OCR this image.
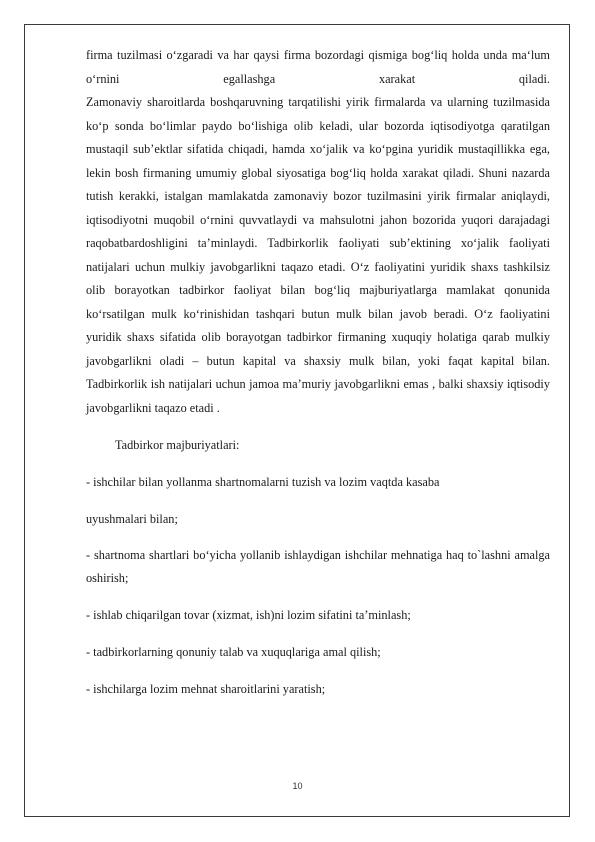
firma tuzilmasi o‘zgaradi va har qaysi firma bozordagi qismiga bog‘liq holda unda ma‘lum o‘rnini egallashga xarakat qiladi.

Zamonaviy sharoitlarda boshqaruvning tarqatilishi yirik firmalarda va ularning tuzilmasida ko‘p sonda bo‘limlar paydo bo‘lishiga olib keladi, ular bozorda iqtisodiyotga qaratilgan mustaqil sub’ektlar sifatida chiqadi, hamda xo‘jalik va ko‘pgina yuridik mustaqillikka ega, lekin bosh firmaning umumiy global siyosatiga bog‘liq holda xarakat qiladi. Shuni nazarda tutish kerakki, istalgan mamlakatda zamonaviy bozor tuzilmasini yirik firmalar aniqlaydi, iqtisodiyotni muqobil o‘rnini quvvatlaydi va mahsulotni jahon bozorida yuqori darajadagi raqobatbardoshligini ta’minlaydi. Tadbirkorlik faoliyati sub’ektining xo‘jalik faoliyati natijalari uchun mulkiy javobgarlikni taqazo etadi. O‘z faoliyatini yuridik shaxs tashkilsiz olib borayotkan tadbirkor faoliyat bilan bog‘liq majburiyatlarga mamlakat qonunida ko‘rsatilgan mulk ko‘rinishidan tashqari butun mulk bilan javob beradi. O‘z faoliyatini yuridik shaxs sifatida olib borayotgan tadbirkor firmaning xuquqiy holatiga qarab mulkiy javobgarlikni oladi – butun kapital va shaxsiy mulk bilan, yoki faqat kapital bilan. Tadbirkorlik ish natijalari uchun jamoa ma’muriy javobgarlikni emas , balki shaxsiy iqtisodiy javobgarlikni taqazo etadi .

Tadbirkor majburiyatlari:

- ishchilar bilan yollanma shartnomalarni tuzish va lozim vaqtda kasaba

uyushmalari bilan;

- shartnoma shartlari bo‘yicha yollanib ishlaydigan ishchilar mehnatiga haq to`lashni amalga oshirish;

- ishlab chiqarilgan tovar (xizmat, ish)ni lozim sifatini ta’minlash;

- tadbirkorlarning qonuniy talab va xuquqlariga amal qilish;

- ishchilarga lozim mehnat sharoitlarini yaratish;

10
